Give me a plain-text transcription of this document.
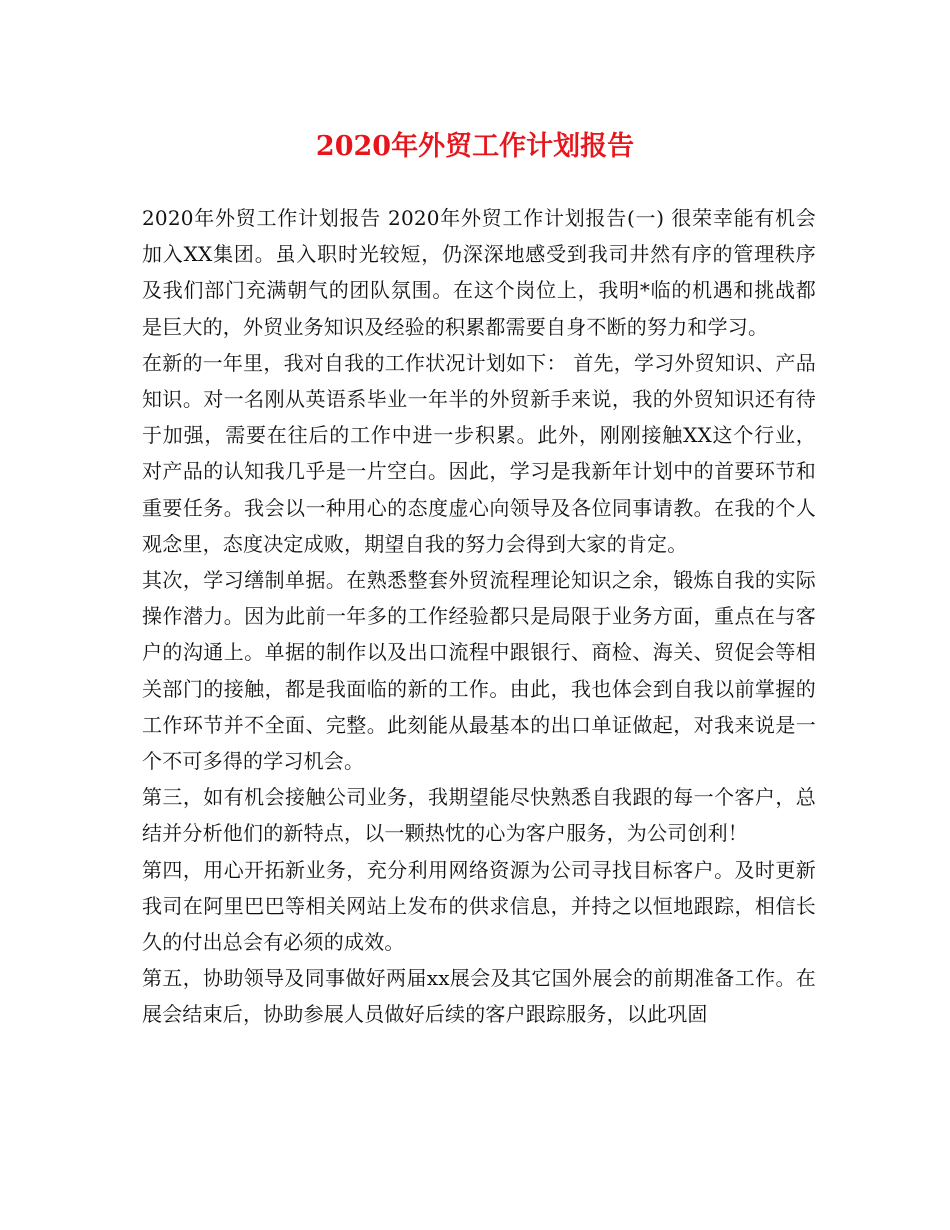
2020年外贸工作计划报告

2020年外贸工作计划报告 2020年外贸工作计划报告(一) 很荣幸能有机会加入XX集团。虽入职时光较短，仍深深地感受到我司井然有序的管理秩序及我们部门充满朝气的团队氛围。在这个岗位上，我明*临的机遇和挑战都是巨大的，外贸业务知识及经验的积累都需要自身不断的努力和学习。

在新的一年里，我对自我的工作状况计划如下： 首先，学习外贸知识、产品知识。对一名刚从英语系毕业一年半的外贸新手来说，我的外贸知识还有待于加强，需要在往后的工作中进一步积累。此外，刚刚接触XX这个行业，对产品的认知我几乎是一片空白。因此，学习是我新年计划中的首要环节和重要任务。我会以一种用心的态度虚心向领导及各位同事请教。在我的个人观念里，态度决定成败，期望自我的努力会得到大家的肯定。

其次，学习缮制单据。在熟悉整套外贸流程理论知识之余，锻炼自我的实际操作潜力。因为此前一年多的工作经验都只是局限于业务方面，重点在与客户的沟通上。单据的制作以及出口流程中跟银行、商检、海关、贸促会等相关部门的接触，都是我面临的新的工作。由此，我也体会到自我以前掌握的工作环节并不全面、完整。此刻能从最基本的出口单证做起，对我来说是一个不可多得的学习机会。

第三，如有机会接触公司业务，我期望能尽快熟悉自我跟的每一个客户，总结并分析他们的新特点，以一颗热忱的心为客户服务，为公司创利！

第四，用心开拓新业务，充分利用网络资源为公司寻找目标客户。及时更新我司在阿里巴巴等相关网站上发布的供求信息，并持之以恒地跟踪，相信长久的付出总会有必须的成效。

第五，协助领导及同事做好两届xx展会及其它国外展会的前期准备工作。在展会结束后，协助参展人员做好后续的客户跟踪服务，以此巩固
